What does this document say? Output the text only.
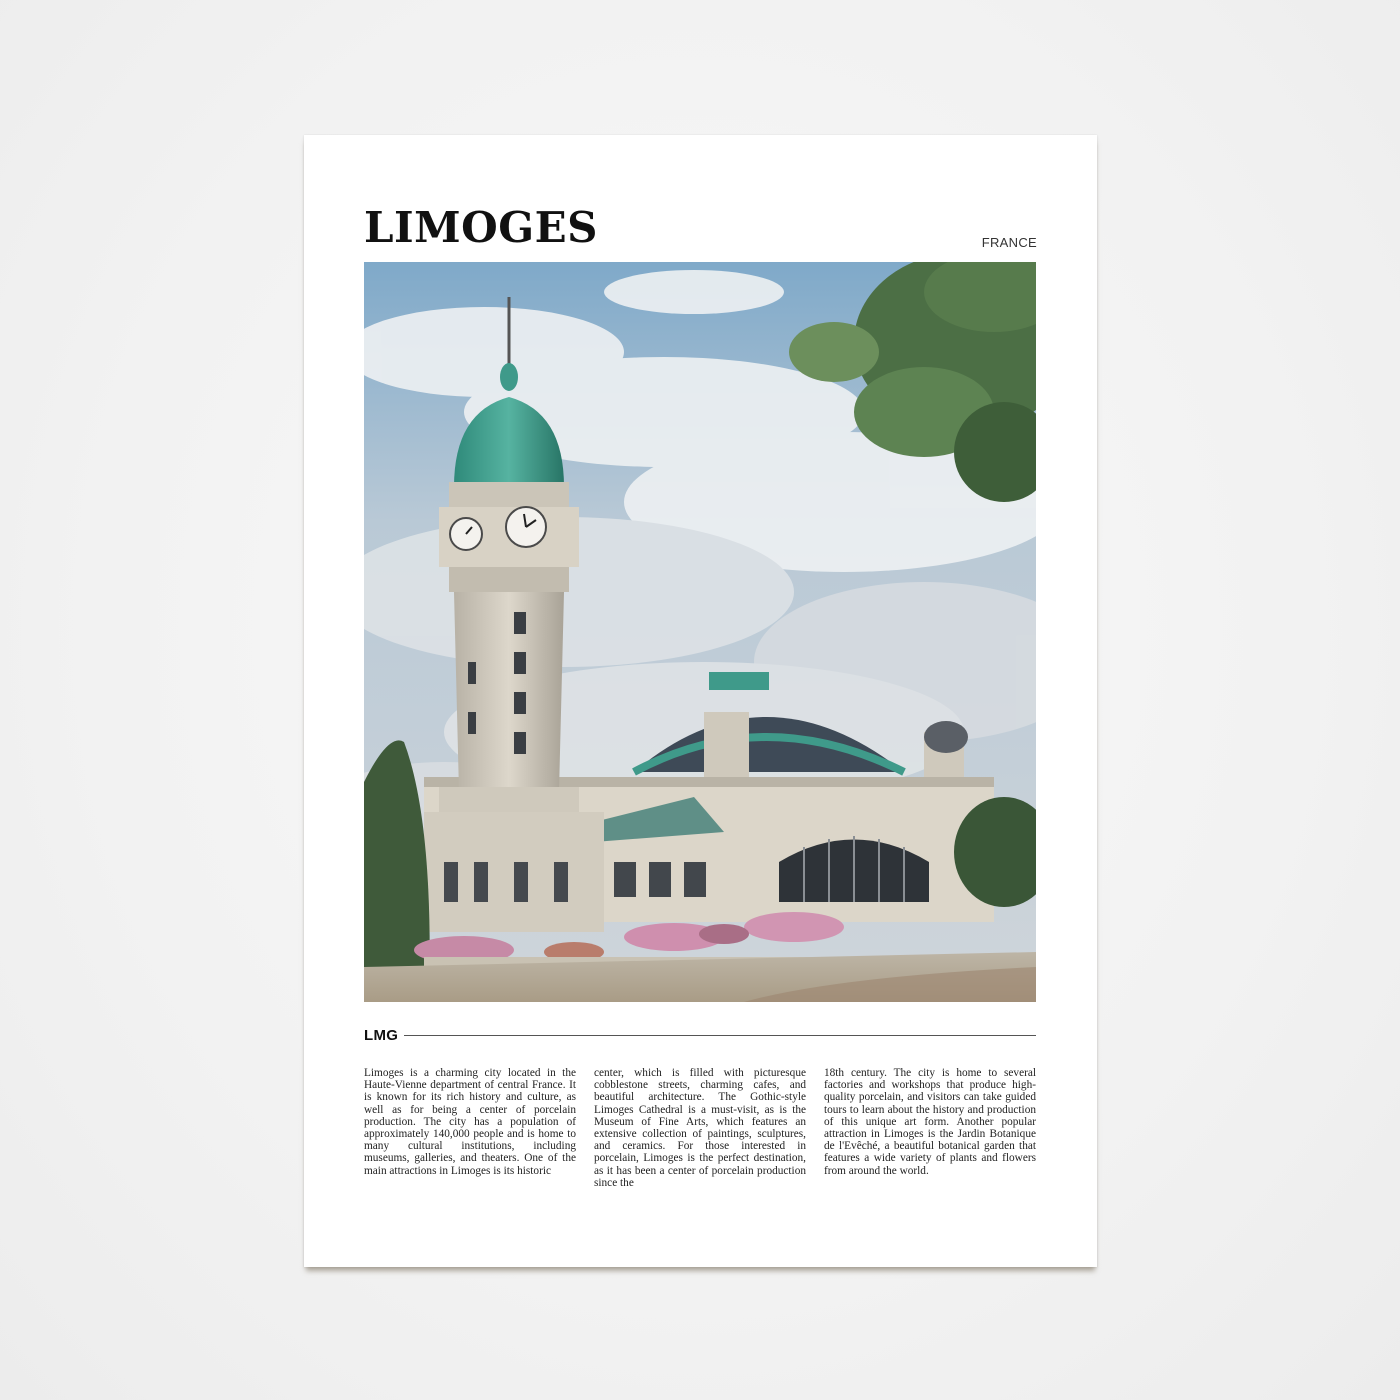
LIMOGES	FRANCE
LMG
Limoges is a charming city located in the Haute-Vienne department of central France. It is known for its rich history and culture, as well as for being a center of porcelain production. The city has a population of approximately 140,000 people and is home to many cultural institutions, including museums, galleries, and theaters. One of the main attractions in Limoges is its historic
center, which is filled with picturesque cobblestone streets, charming cafes, and beautiful architecture. The Gothic-style Limoges Cathedral is a must-visit, as is the Museum of Fine Arts, which features an extensive collection of paintings, sculptures, and ceramics. For those interested in porcelain, Limoges is the perfect destination, as it has been a center of porcelain production since the
18th century. The city is home to several factories and workshops that produce high-quality porcelain, and visitors can take guided tours to learn about the history and production of this unique art form. Another popular attraction in Limoges is the Jardin Botanique de l'Evêché, a beautiful botanical garden that features a wide variety of plants and flowers from around the world.
